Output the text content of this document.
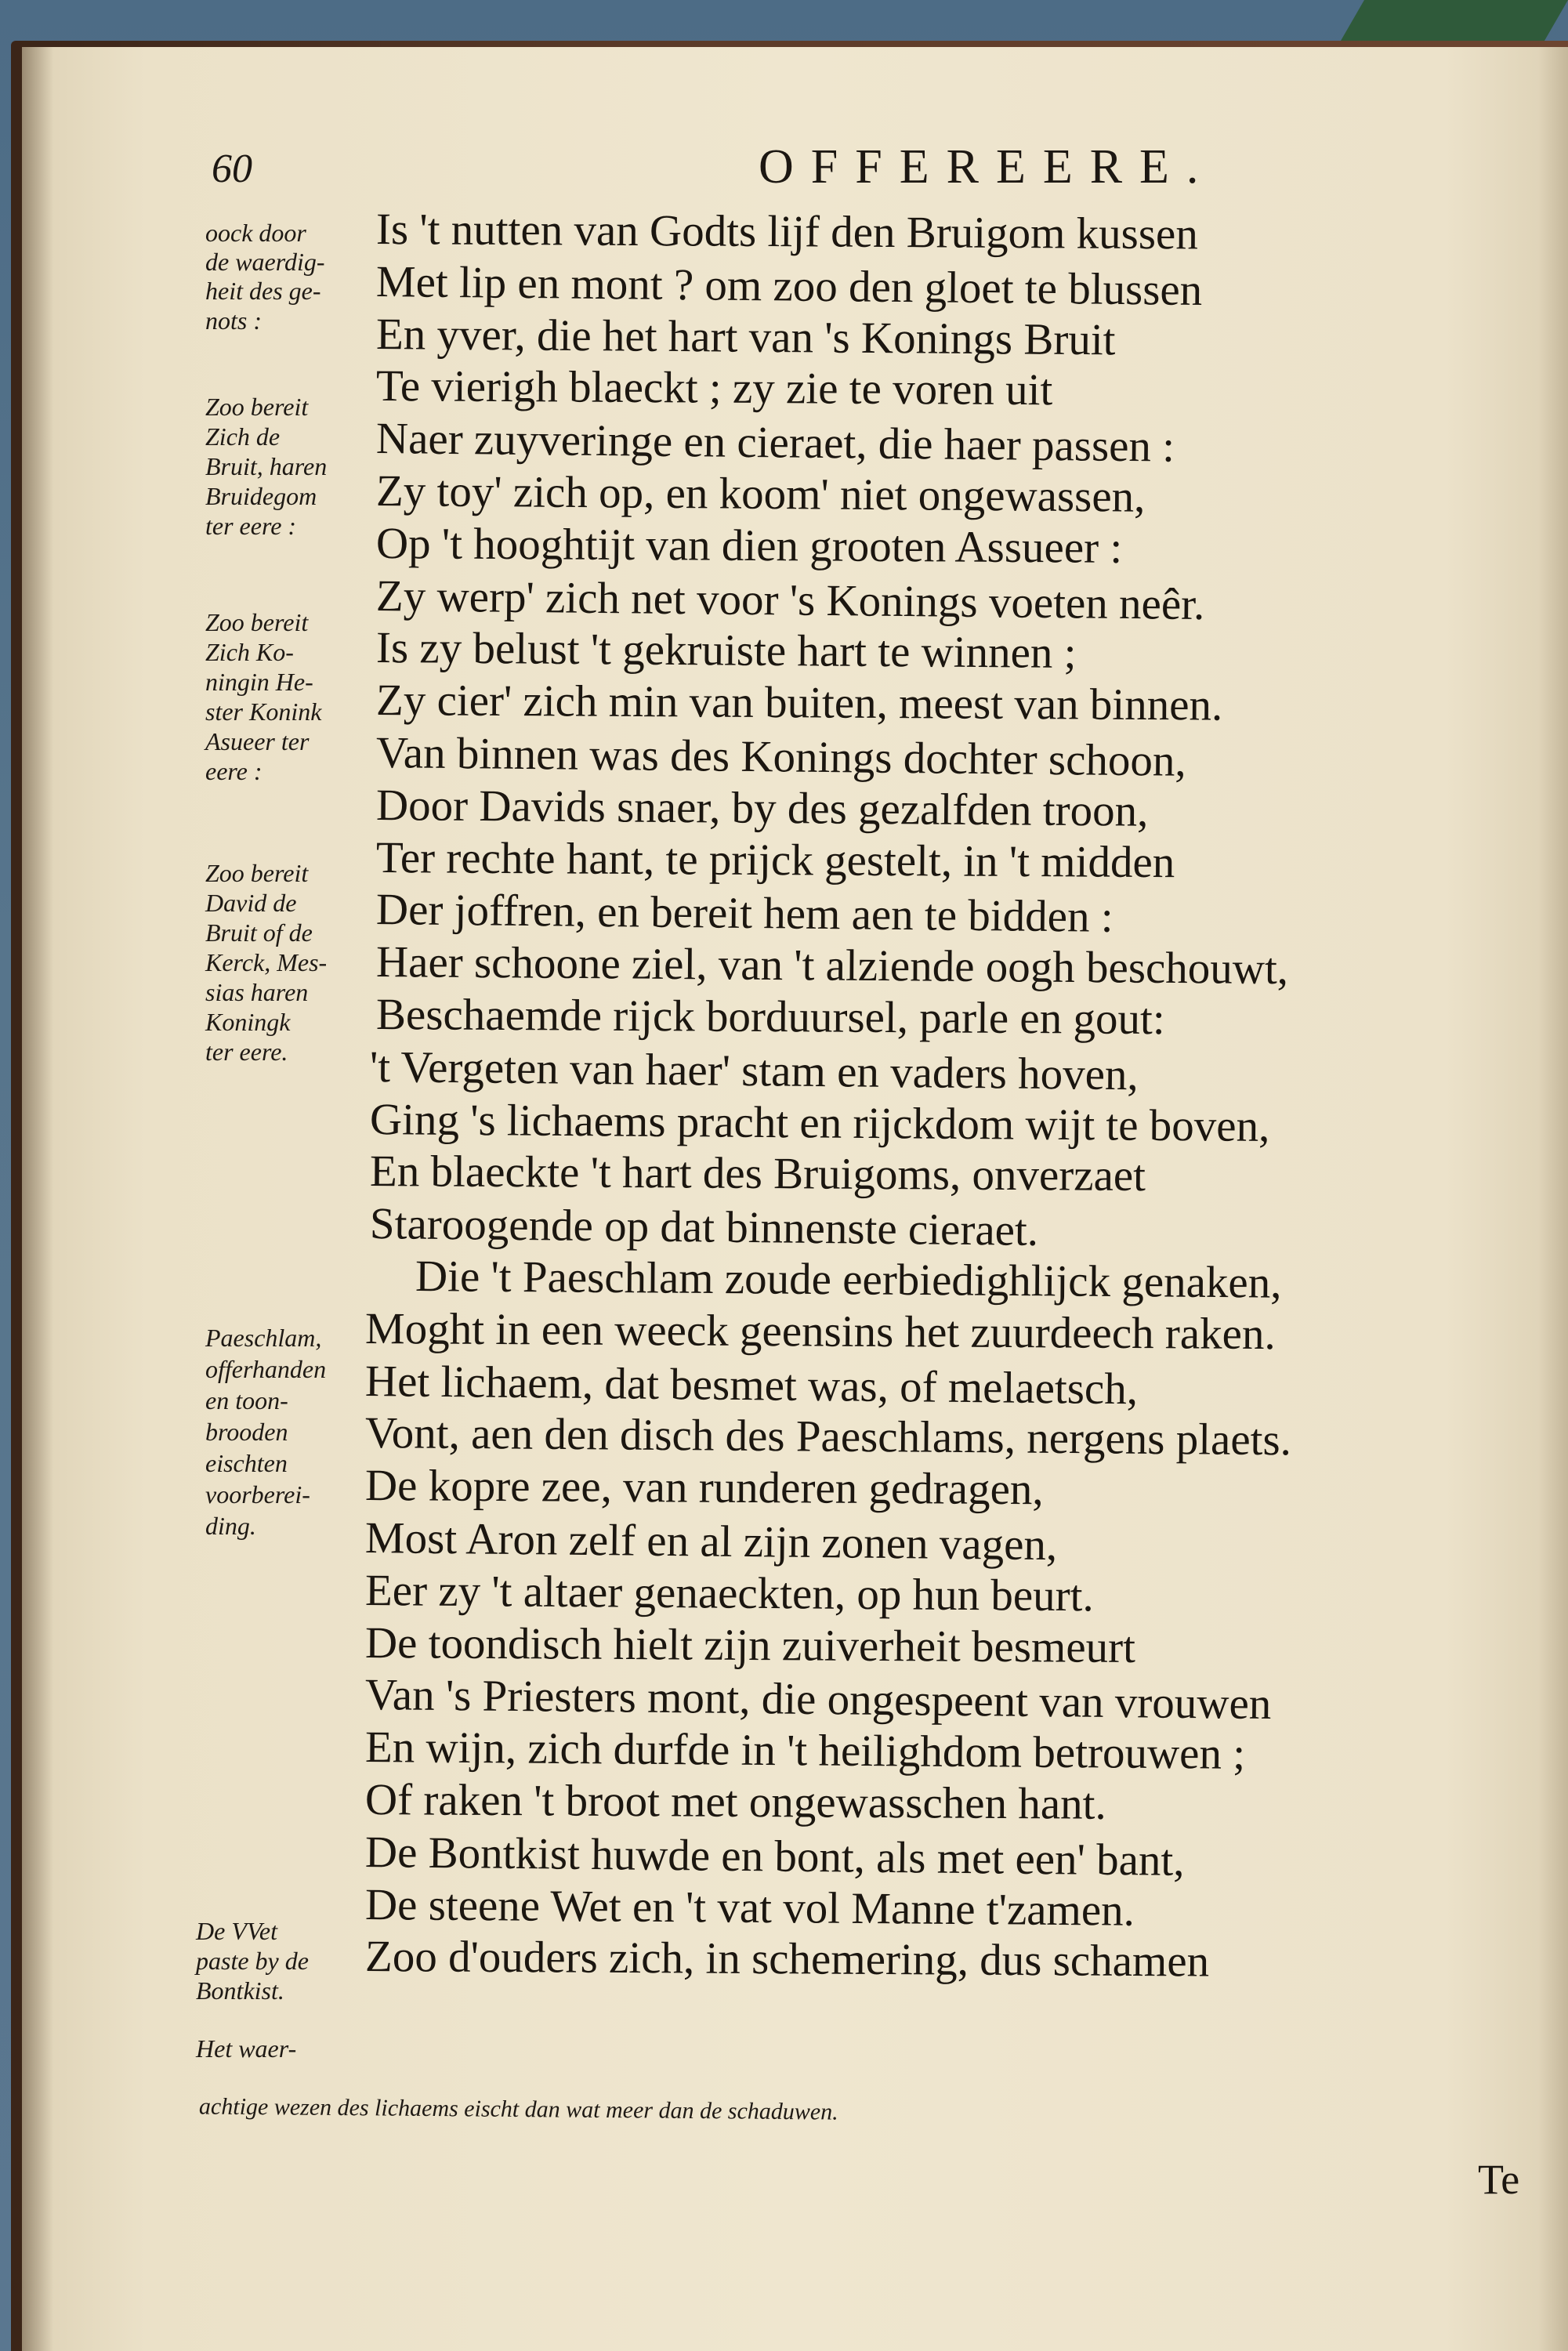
60	OFFEREERE.
Is 't nutten van Godts lijf den Bruigom kussen
Met lip en mont ? om zoo den gloet te blussen
En yver, die het hart van 's Konings Bruit
Te vierigh blaeckt ; zy zie te voren uit
Naer zuyveringe en cieraet, die haer passen :
Zy toy' zich op, en koom' niet ongewassen,
Op 't hooghtijt van dien grooten Assueer :
Zy werp' zich net voor 's Konings voeten neêr.
Is zy belust 't gekruiste hart te winnen ;
Zy cier' zich min van buiten, meest van binnen.
Van binnen was des Konings dochter schoon,
Door Davids snaer, by des gezalfden troon,
Ter rechte hant, te prijck gestelt, in 't midden
Der joffren, en bereit hem aen te bidden :
Haer schoone ziel, van 't alziende oogh beschouwt,
Beschaemde rijck borduursel, parle en gout:
't Vergeten van haer' stam en vaders hoven,
Ging 's lichaems pracht en rijckdom wijt te boven,
En blaeckte 't hart des Bruigoms, onverzaet
Staroogende op dat binnenste cieraet.
Die 't Paeschlam zoude eerbiedighlijck genaken,
Moght in een weeck geensins het zuurdeech raken.
Het lichaem, dat besmet was, of melaetsch,
Vont, aen den disch des Paeschlams, nergens plaets.
De kopre zee, van runderen gedragen,
Most Aron zelf en al zijn zonen vagen,
Eer zy 't altaer genaeckten, op hun beurt.
De toondisch hielt zijn zuiverheit besmeurt
Van 's Priesters mont, die ongespeent van vrouwen
En wijn, zich durfde in 't heilighdom betrouwen ;
Of raken 't broot met ongewasschen hant.
De Bontkist huwde en bont, als met een' bant,
De steene Wet en 't vat vol Manne t'zamen.
Zoo d'ouders zich, in schemering, dus schamen
oock door
de waerdig-
heit des ge-
nots :
Zoo bereit
Zich de
Bruit, haren
Bruidegom
ter eere :
Zoo bereit
Zich Ko-
ningin He-
ster Konink
Asueer ter
eere :
Zoo bereit
David de
Bruit of de
Kerck, Mes-
sias haren
Koningk
ter eere.
Paeschlam,
offerhanden
en toon-
brooden
eischten
voorberei-
ding.
De VVet
paste by de
Bontkist.
Het waer-
achtige wezen des lichaems eischt dan wat meer dan de schaduwen.
Te
